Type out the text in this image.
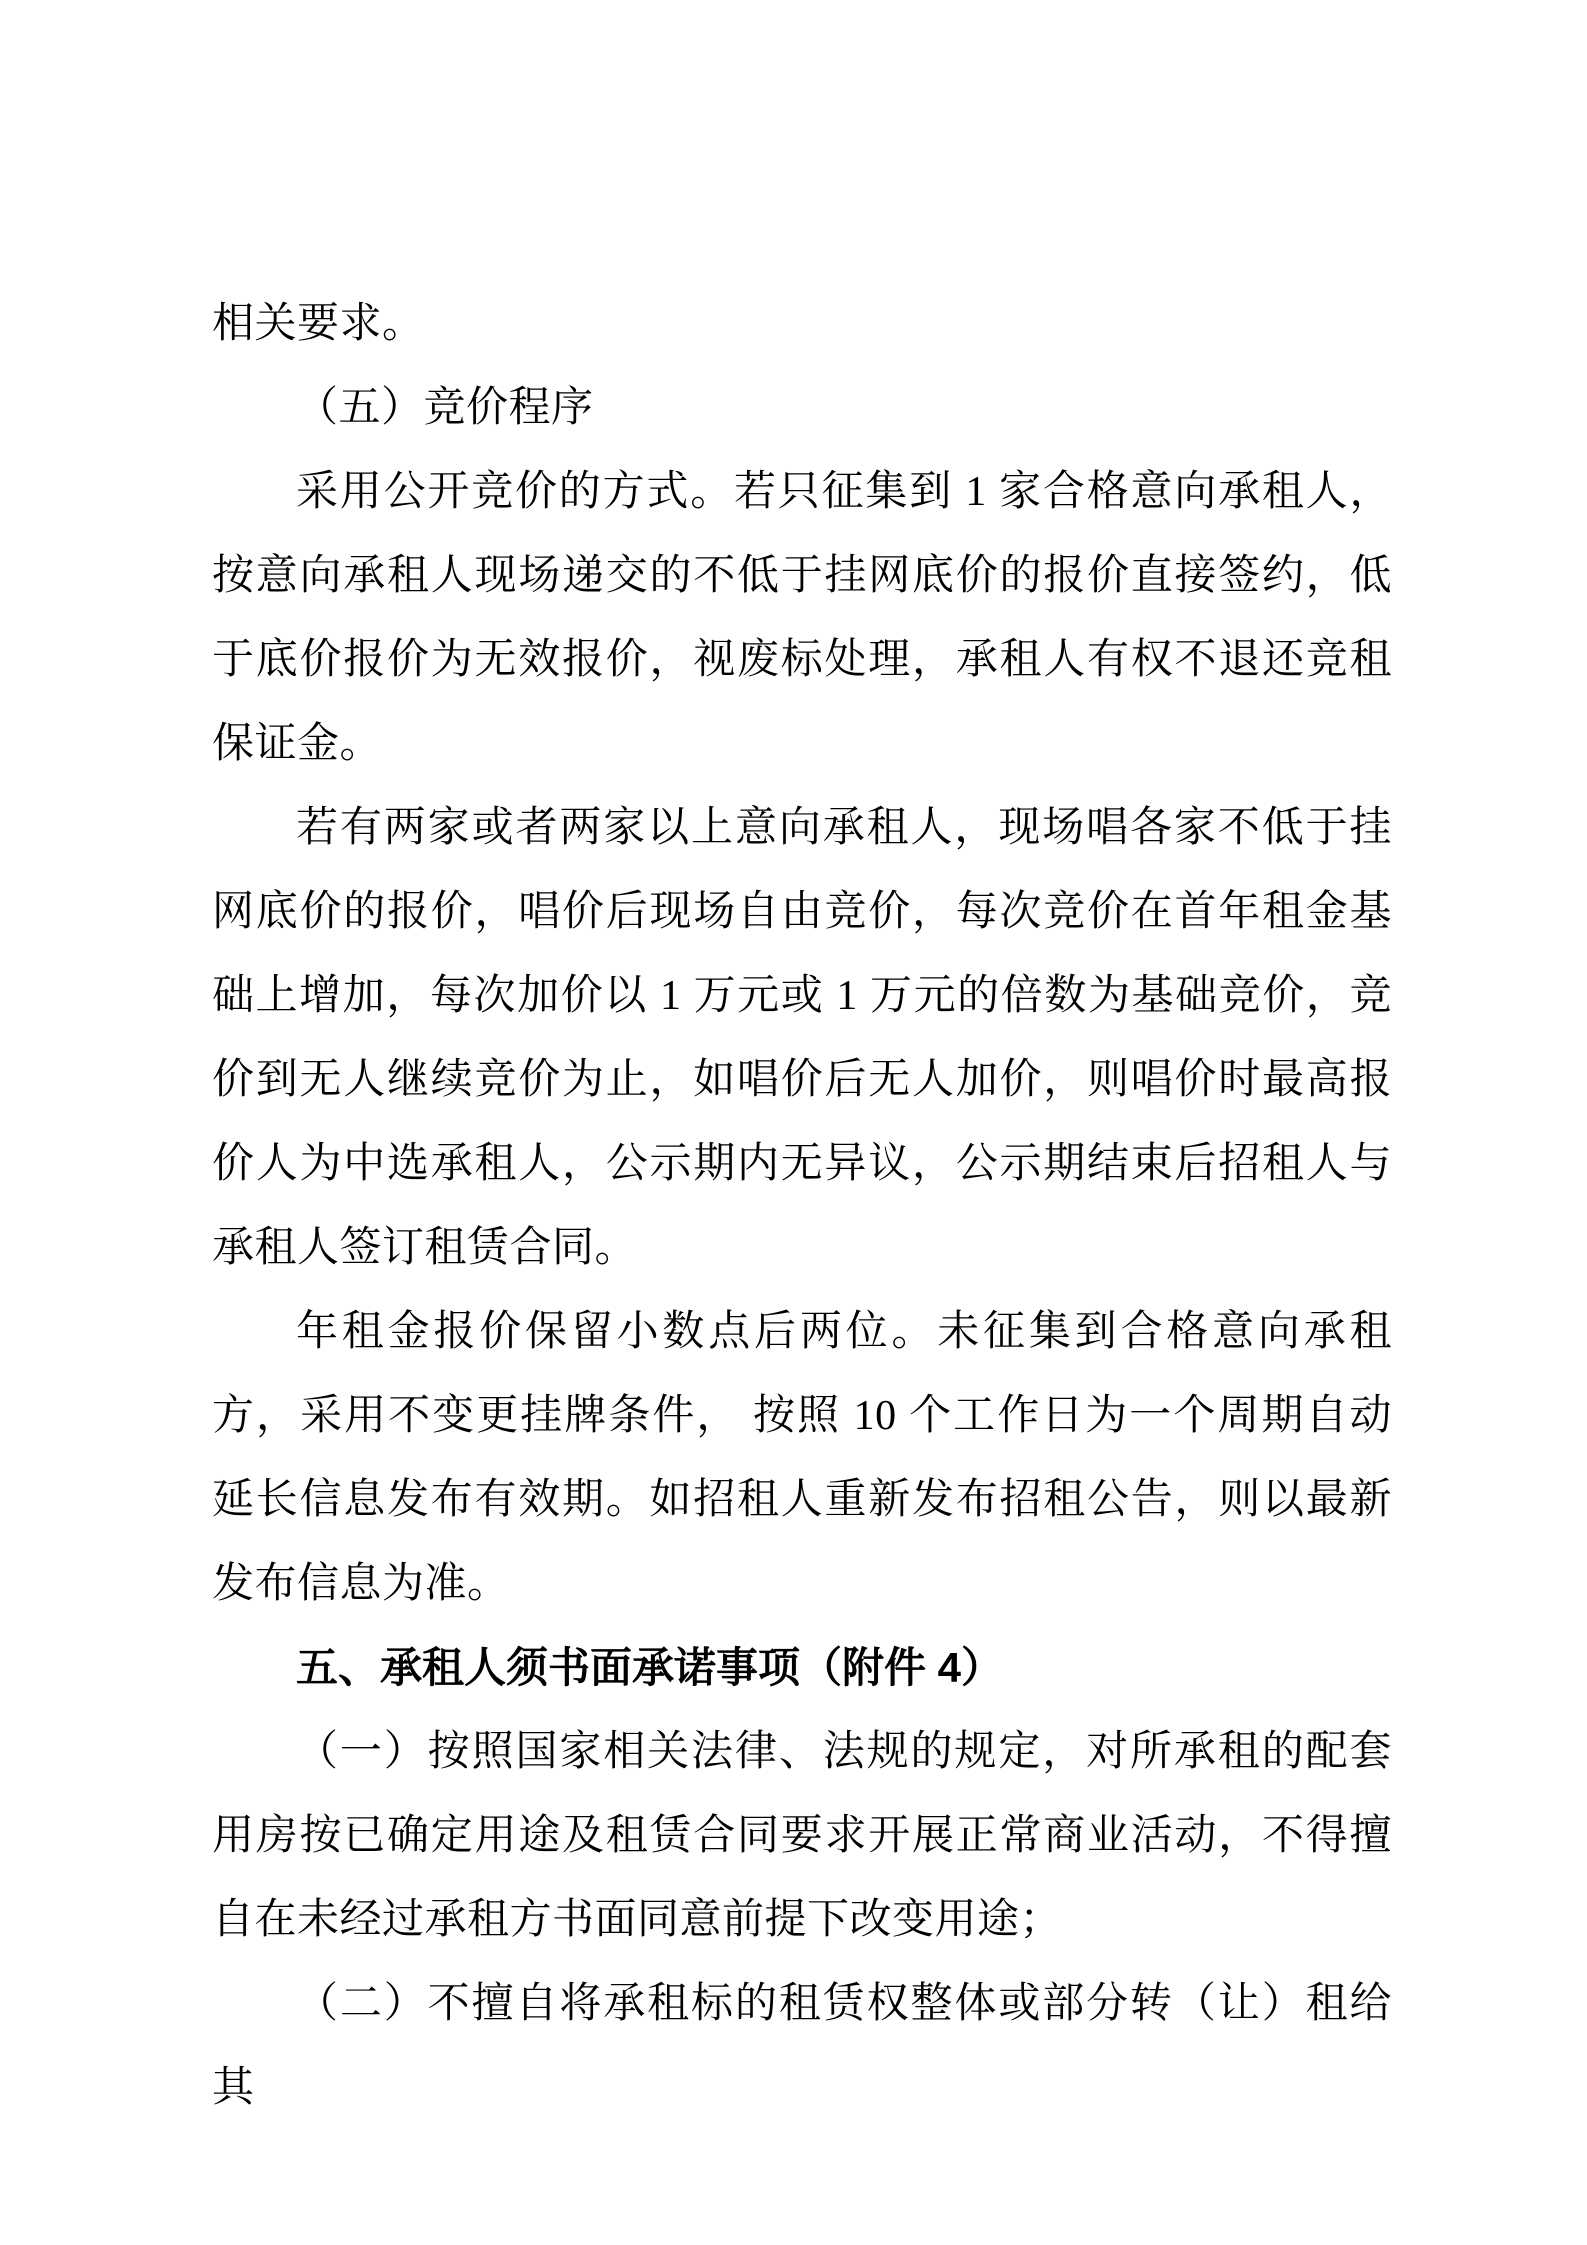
相关要求。

（五）竞价程序

采用公开竞价的方式。若只征集到 1 家合格意向承租人，按意向承租人现场递交的不低于挂网底价的报价直接签约，低于底价报价为无效报价，视废标处理，承租人有权不退还竞租保证金。

若有两家或者两家以上意向承租人，现场唱各家不低于挂网底价的报价，唱价后现场自由竞价，每次竞价在首年租金基础上增加，每次加价以 1 万元或 1 万元的倍数为基础竞价，竞价到无人继续竞价为止，如唱价后无人加价，则唱价时最高报价人为中选承租人，公示期内无异议，公示期结束后招租人与承租人签订租赁合同。

年租金报价保留小数点后两位。未征集到合格意向承租方，采用不变更挂牌条件， 按照 10 个工作日为一个周期自动延长信息发布有效期。如招租人重新发布招租公告，则以最新发布信息为准。

五、承租人须书面承诺事项（附件 4）

（一）按照国家相关法律、法规的规定，对所承租的配套用房按已确定用途及租赁合同要求开展正常商业活动，不得擅自在未经过承租方书面同意前提下改变用途；

（二）不擅自将承租标的租赁权整体或部分转（让）租给其
